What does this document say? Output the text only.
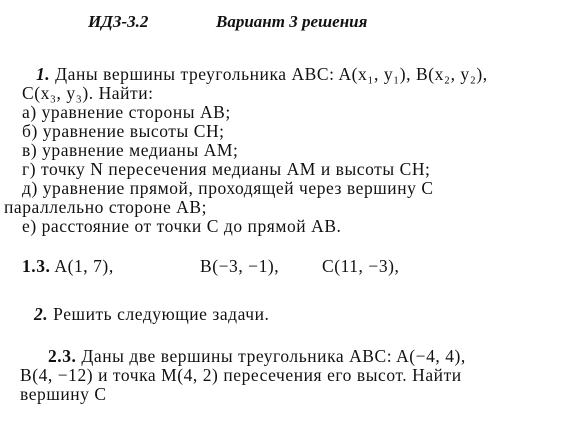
ИДЗ-3.2	Вариант 3 решения
1. Даны вершины треугольника ABC: A(x₁, y₁), B(x₂, y₂),
C(x₃, y₃). Найти:
а) уравнение стороны AB;
б) уравнение высоты CH;
в) уравнение медианы AM;
г) точку N пересечения медианы AM и высоты CH;
д) уравнение прямой, проходящей через вершину C
параллельно стороне AB;
е) расстояние от точки C до прямой AB.
1.3. A(1, 7),	B(−3, −1), C(11, −3),
2. Решить следующие задачи.
2.3. Даны две вершины треугольника ABC: A(−4, 4),
B(4, −12) и точка M(4, 2) пересечения его высот. Найти
вершину C
